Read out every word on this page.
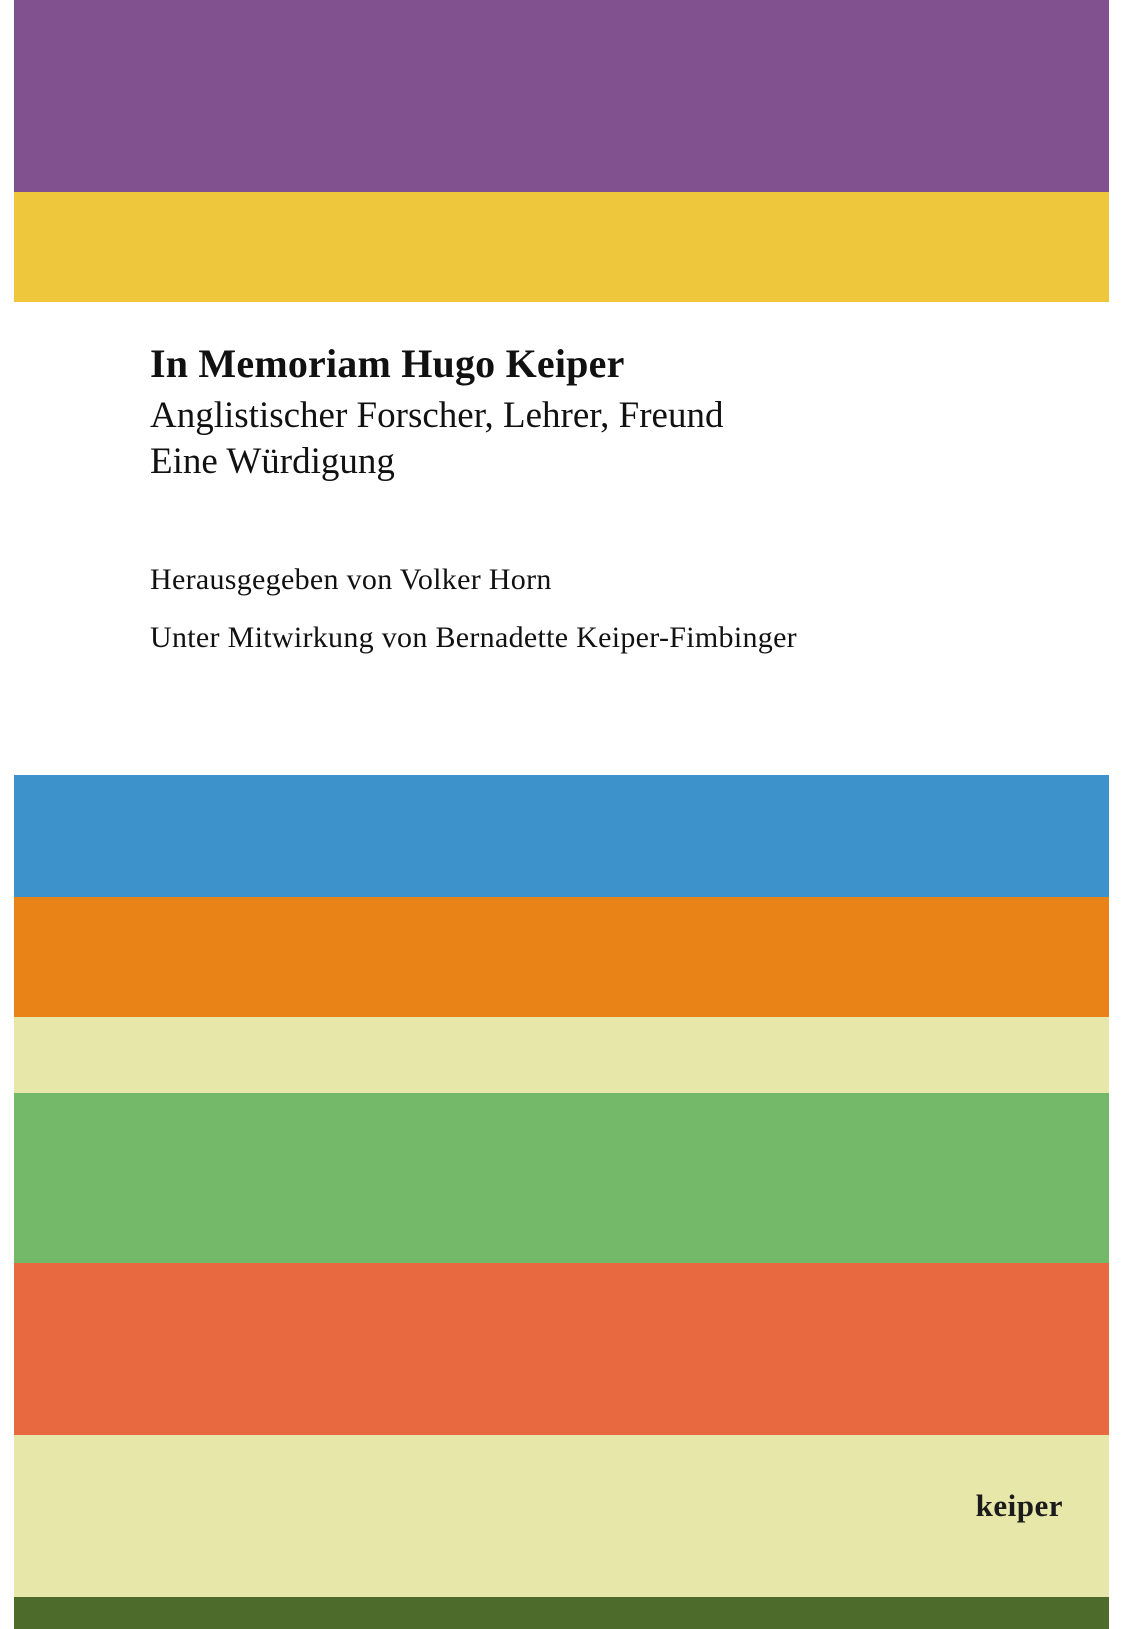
In Memoriam Hugo Keiper

Anglistischer Forscher, Lehrer, Freund

Eine Würdigung

Herausgegeben von Volker Horn

Unter Mitwirkung von Bernadette Keiper-Fimbinger

keiper
